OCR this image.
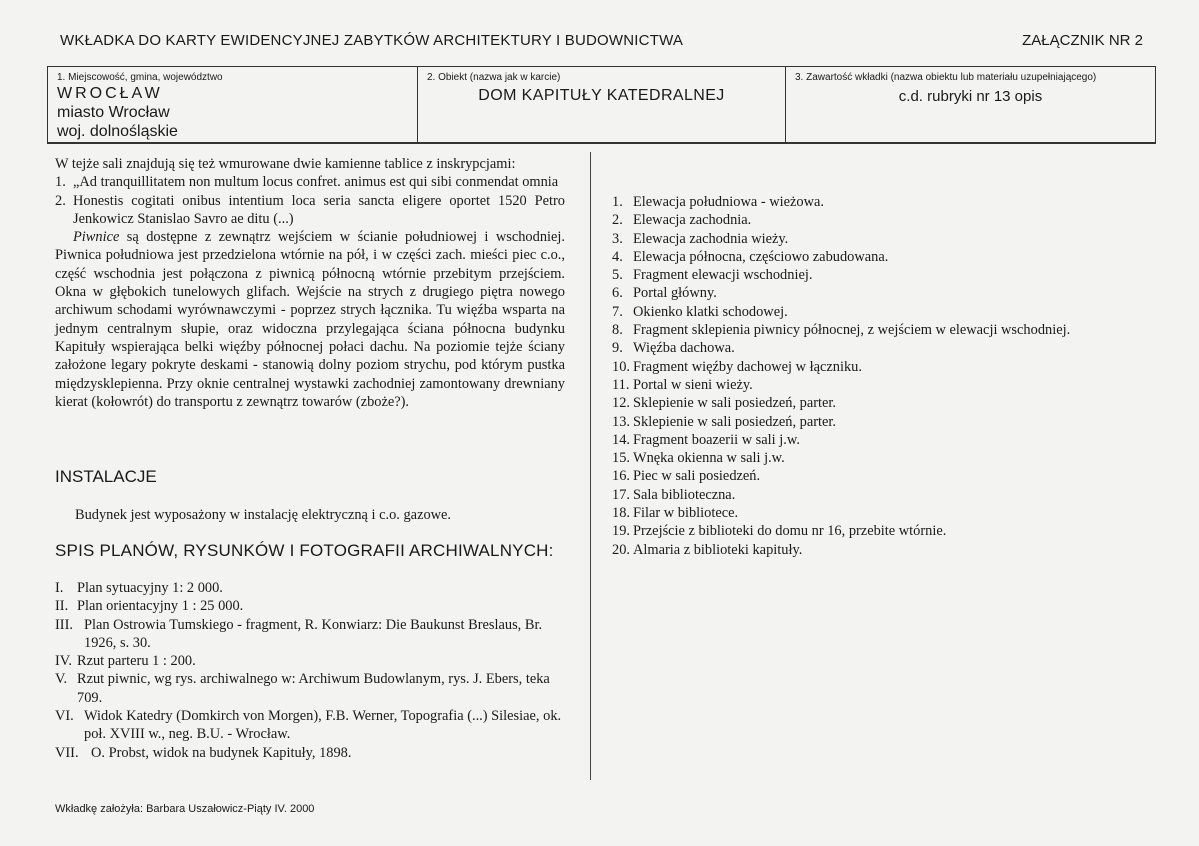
WKŁADKA DO KARTY EWIDENCYJNEJ ZABYTKÓW ARCHITEKTURY I BUDOWNICTWA	ZAŁĄCZNIK NR 2
1. Miejscowość, gmina, województwo
WROCŁAW
miasto Wrocław
woj. dolnośląskie
2. Obiekt (nazwa jak w karcie)
DOM KAPITUŁY KATEDRALNEJ
3. Zawartość wkładki (nazwa obiektu lub materiału uzupełniającego)
c.d. rubryki nr 13 opis
W tejże sali znajdują się też wmurowane dwie kamienne tablice z inskrypcjami:
1. „Ad tranquillitatem non multum locus confret. animus est qui sibi conmendat omnia
2. Honestis cogitati onibus intentium loca seria sancta eligere oportet 1520 Petro Jenkowicz Stanislao Savro ae ditu (...)
Piwnice są dostępne z zewnątrz wejściem w ścianie południowej i wschodniej. Piwnica południowa jest przedzielona wtórnie na pół, i w części zach. mieści piec c.o., część wschodnia jest połączona z piwnicą północną wtórnie przebitym przejściem. Okna w głębokich tunelowych glifach. Wejście na strych z drugiego piętra nowego archiwum schodami wyrównawczymi - poprzez strych łącznika. Tu więźba wsparta na jednym centralnym słupie, oraz widoczna przylegająca ściana północna budynku Kapituły wspierająca belki więźby północnej połaci dachu. Na poziomie tejże ściany założone legary pokryte deskami - stanowią dolny poziom strychu, pod którym pustka międzysklepienna. Przy oknie centralnej wystawki zachodniej zamontowany drewniany kierat (kołowrót) do transportu z zewnątrz towarów (zboże?).
INSTALACJE
Budynek jest wyposażony w instalację elektryczną i c.o. gazowe.
SPIS PLANÓW, RYSUNKÓW I FOTOGRAFII ARCHIWALNYCH:
I. Plan sytuacyjny 1: 2 000.
II. Plan orientacyjny 1 : 25 000.
III. Plan Ostrowia Tumskiego - fragment, R. Konwiarz: Die Baukunst Breslaus, Br. 1926, s. 30.
IV. Rzut parteru 1 : 200.
V. Rzut piwnic, wg rys. archiwalnego w: Archiwum Budowlanym, rys. J. Ebers, teka 709.
VI. Widok Katedry (Domkirch von Morgen), F.B. Werner, Topografia (...) Silesiae, ok. poł. XVIII w., neg. B.U. - Wrocław.
VII. O. Probst, widok na budynek Kapituły, 1898.
1. Elewacja południowa - wieżowa.
2. Elewacja zachodnia.
3. Elewacja zachodnia wieży.
4. Elewacja północna, częściowo zabudowana.
5. Fragment elewacji wschodniej.
6. Portal główny.
7. Okienko klatki schodowej.
8. Fragment sklepienia piwnicy północnej, z wejściem w elewacji wschodniej.
9. Więźba dachowa.
10. Fragment więźby dachowej w łączniku.
11. Portal w sieni wieży.
12. Sklepienie w sali posiedzeń, parter.
13. Sklepienie w sali posiedzeń, parter.
14. Fragment boazerii w sali j.w.
15. Wnęka okienna w sali j.w.
16. Piec w sali posiedzeń.
17. Sala biblioteczna.
18. Filar w bibliotece.
19. Przejście z biblioteki do domu nr 16, przebite wtórnie.
20. Almaria z biblioteki kapituły.
Wkładkę założyła: Barbara Uszałowicz-Piąty IV. 2000
